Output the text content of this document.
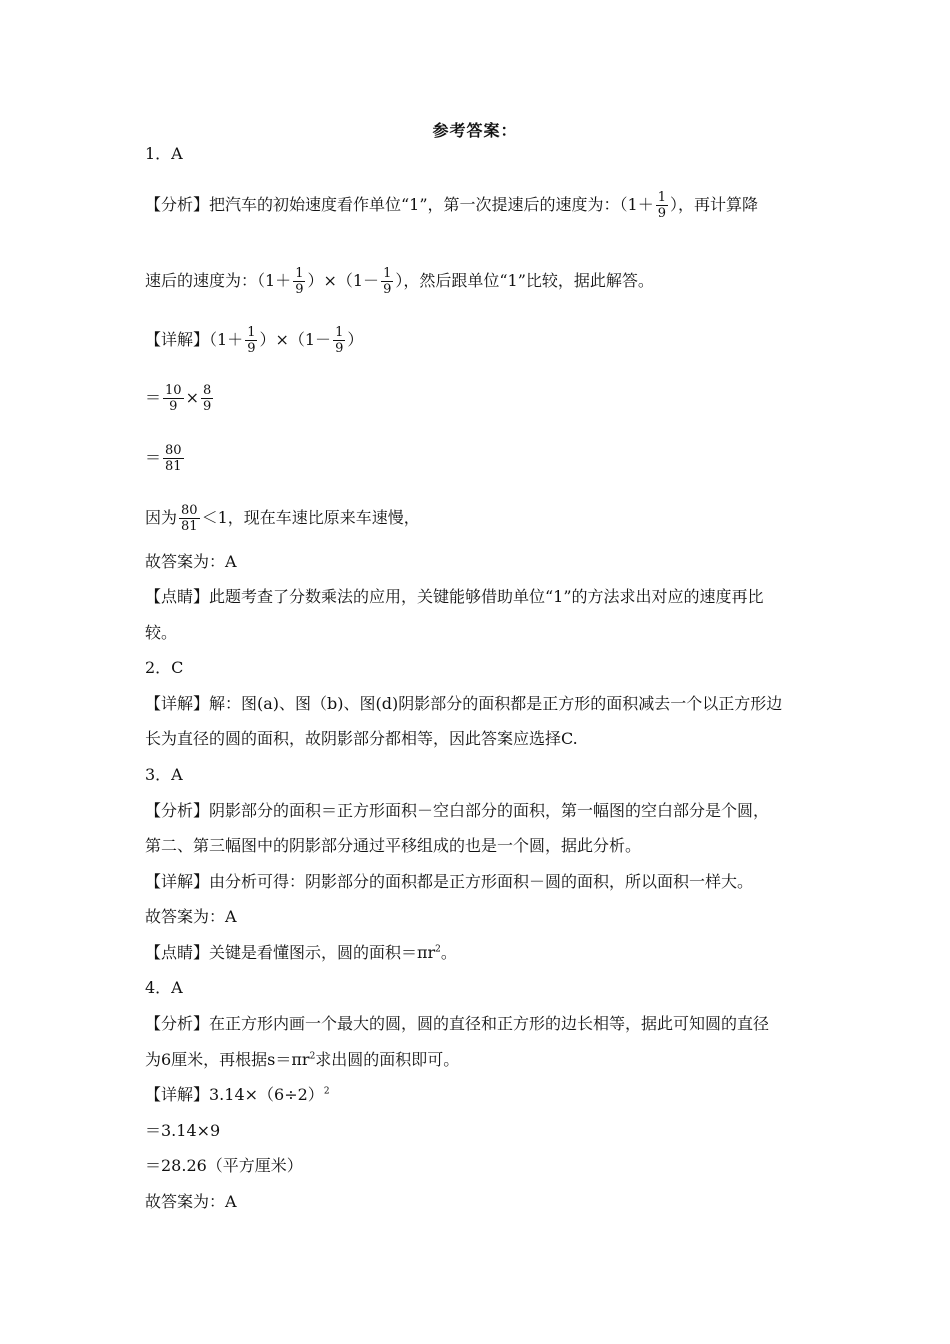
参考答案：
1．A
【分析】把汽车的初始速度看作单位“1”，第一次提速后的速度为：（$1+ \frac{1}{9}$ ），再计算降
速后的速度为：$(1+ \frac{1}{9} )\times(1- \frac{1}{9}$ ），然后跟单位“1”比较，据此解答。
【详解】$(1+ \frac{1}{9} )\times(1- \frac{1}{9}$ ）
＝ $\frac{10}{9} \times \frac{8}{9}$
＝ $\frac{80}{81}$
因为 $\frac{80}{81} <1$，现在车速比原来车速慢，
故答案为：A
【点睛】此题考查了分数乘法的应用，关键能够借助单位“1”的方法求出对应的速度再比
较。
2．C
【详解】解：图(a)、图（b)、图(d)阴影部分的面积都是正方形的面积减去一个以正方形边
长为直径的圆的面积，故阴影部分都相等，因此答案应选择C.
3．A
【分析】阴影部分的面积＝正方形面积－空白部分的面积，第一幅图的空白部分是个圆，
第二、第三幅图中的阴影部分通过平移组成的也是一个圆，据此分析。
【详解】由分析可得：阴影部分的面积都是正方形面积－圆的面积，所以面积一样大。
故答案为：A
【点睛】关键是看懂图示，圆的面积$=\pi r^2$。
4．A
【分析】在正方形内画一个最大的圆，圆的直径和正方形的边长相等，据此可知圆的直径
为6厘米，再根据$s=\pi r^2$求出圆的面积即可。
【详解】$3.14\times(6\div 2)^2$
＝3.14×9
＝28.26（平方厘米）
故答案为：A
